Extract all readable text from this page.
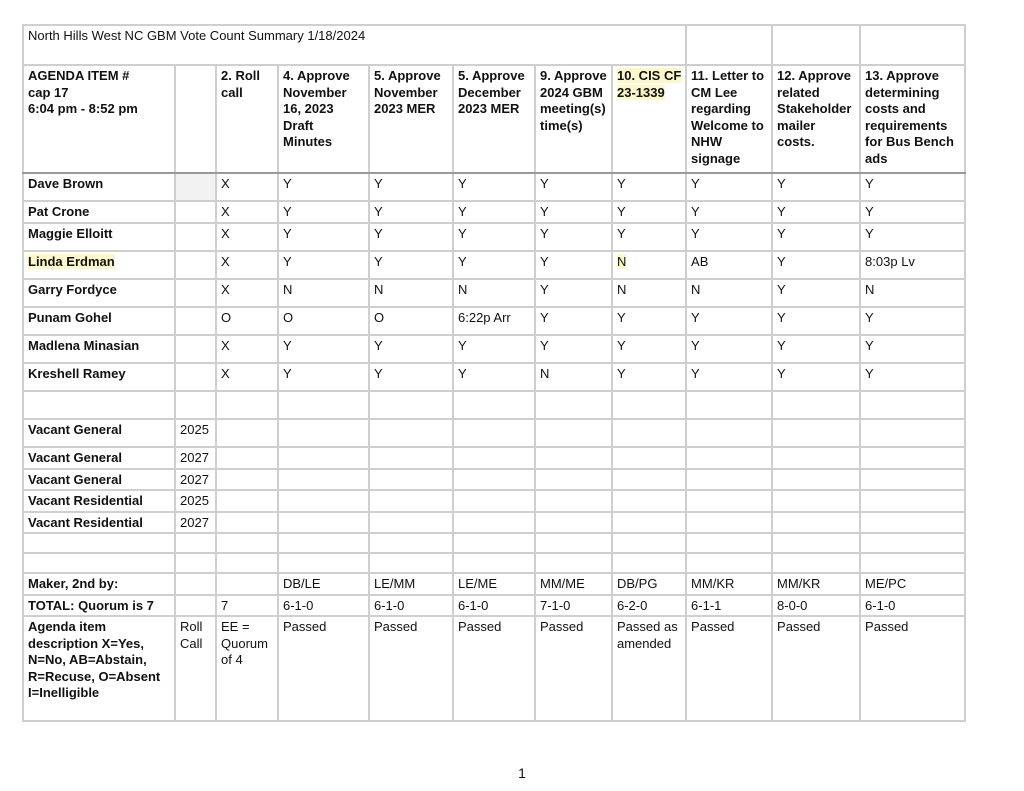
North Hills West NC GBM Vote Count Summary 1/18/2024										
AGENDA ITEM #
cap 17
6:04 pm - 8:52 pm		2. Roll call	4. Approve November 16, 2023 Draft Minutes	5. Approve November 2023 MER	5. Approve December 2023 MER	9. Approve 2024 GBM meeting(s) time(s)	10. CIS CF 23-1339	11. Letter to CM Lee regarding Welcome to NHW signage	12. Approve related Stakeholder mailer costs.	13. Approve determining costs and requirements for Bus Bench ads
Dave Brown		X	Y	Y	Y	Y	Y	Y	Y	Y
Pat Crone		X	Y	Y	Y	Y	Y	Y	Y	Y
Maggie Elloitt		X	Y	Y	Y	Y	Y	Y	Y	Y
Linda Erdman		X	Y	Y	Y	Y	N	AB	Y	8:03p Lv
Garry Fordyce		X	N	N	N	Y	N	N	Y	N
Punam Gohel		O	O	O	6:22p Arr	Y	Y	Y	Y	Y
Madlena Minasian		X	Y	Y	Y	Y	Y	Y	Y	Y
Kreshell Ramey		X	Y	Y	Y	N	Y	Y	Y	Y

Vacant General	2025									
Vacant General	2027									
Vacant General	2027									
Vacant Residential	2025									
Vacant Residential	2027									

Maker, 2nd by:			DB/LE	LE/MM	LE/ME	MM/ME	DB/PG	MM/KR	MM/KR	ME/PC
TOTAL: Quorum is 7		7	6-1-0	6-1-0	6-1-0	7-1-0	6-2-0	6-1-1	8-0-0	6-1-0
Agenda item description X=Yes, N=No, AB=Abstain, R=Recuse, O=Absent I=Inelligible	Roll Call	EE = Quorum of 4	Passed	Passed	Passed	Passed	Passed as amended	Passed	Passed	Passed
1
